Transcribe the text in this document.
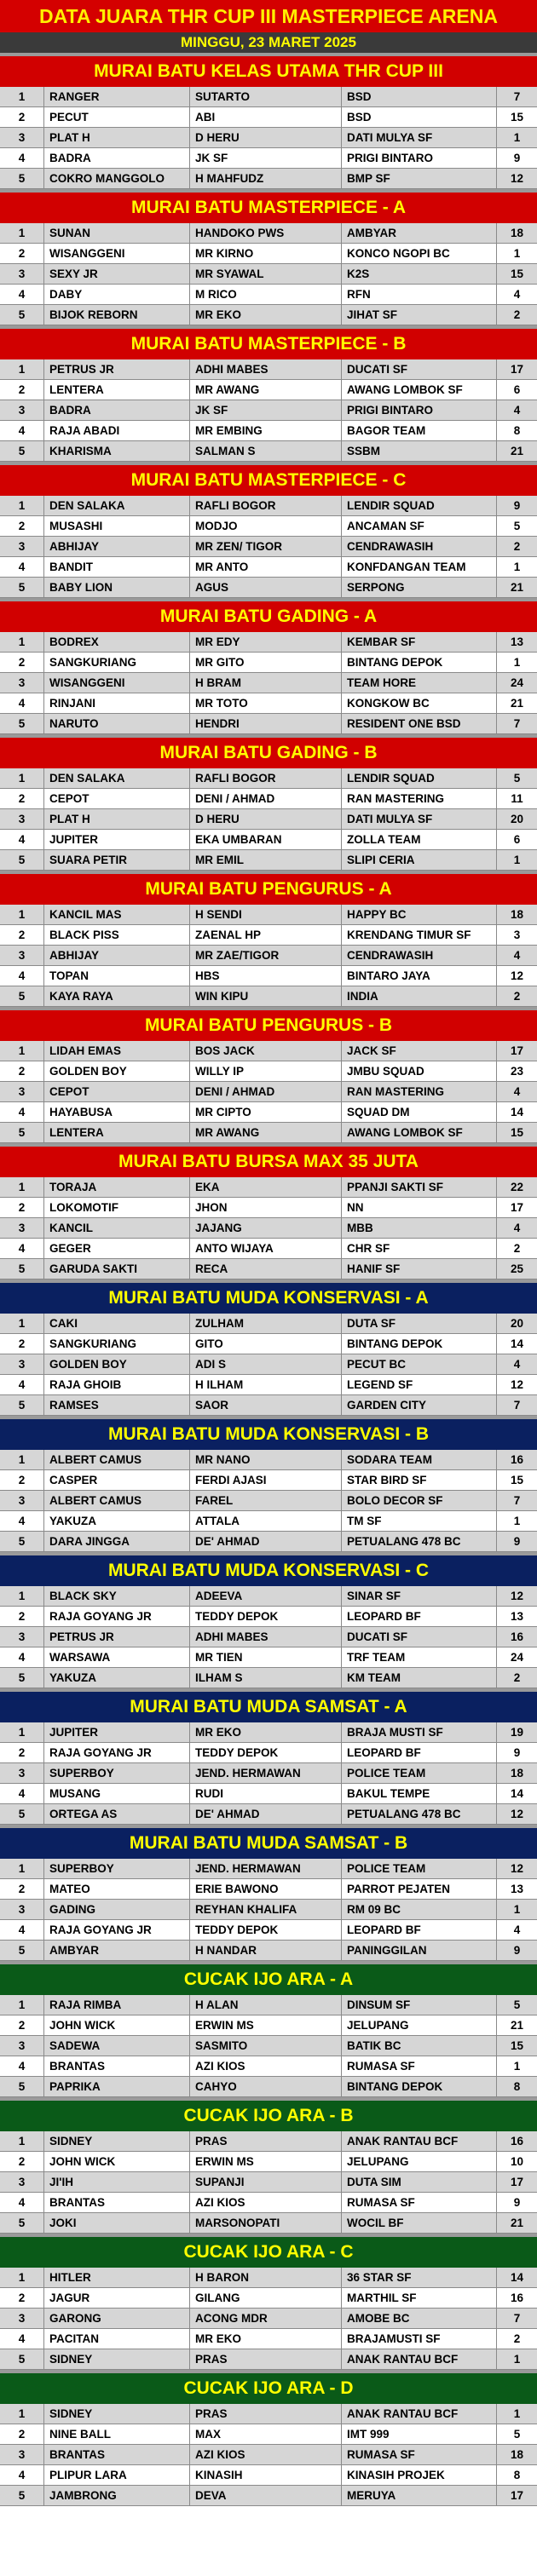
DATA JUARA THR CUP III MASTERPIECE ARENA
MINGGU, 23 MARET 2025
MURAI BATU KELAS UTAMA THR CUP III
1	RANGER	SUTARTO	BSD	7
2	PECUT	ABI	BSD	15
3	PLAT H	D HERU	DATI MULYA SF	1
4	BADRA	JK SF	PRIGI BINTARO	9
5	COKRO MANGGOLO	H MAHFUDZ	BMP SF	12
MURAI BATU MASTERPIECE - A
1	SUNAN	HANDOKO PWS	AMBYAR	18
2	WISANGGENI	MR KIRNO	KONCO NGOPI BC	1
3	SEXY JR	MR SYAWAL	K2S	15
4	DABY	M RICO	RFN	4
5	BIJOK REBORN	MR EKO	JIHAT SF	2
MURAI BATU MASTERPIECE - B
1	PETRUS JR	ADHI MABES	DUCATI SF	17
2	LENTERA	MR AWANG	AWANG LOMBOK SF	6
3	BADRA	JK SF	PRIGI BINTARO	4
4	RAJA ABADI	MR EMBING	BAGOR TEAM	8
5	KHARISMA	SALMAN S	SSBM	21
MURAI BATU MASTERPIECE - C
1	DEN SALAKA	RAFLI BOGOR	LENDIR SQUAD	9
2	MUSASHI	MODJO	ANCAMAN SF	5
3	ABHIJAY	MR ZEN/ TIGOR	CENDRAWASIH	2
4	BANDIT	MR ANTO	KONFDANGAN TEAM	1
5	BABY LION	AGUS	SERPONG	21
MURAI BATU GADING - A
1	BODREX	MR EDY	KEMBAR SF	13
2	SANGKURIANG	MR GITO	BINTANG DEPOK	1
3	WISANGGENI	H BRAM	TEAM HORE	24
4	RINJANI	MR TOTO	KONGKOW BC	21
5	NARUTO	HENDRI	RESIDENT ONE BSD	7
MURAI BATU GADING - B
1	DEN SALAKA	RAFLI BOGOR	LENDIR SQUAD	5
2	CEPOT	DENI / AHMAD	RAN MASTERING	11
3	PLAT H	D HERU	DATI MULYA SF	20
4	JUPITER	EKA UMBARAN	ZOLLA TEAM	6
5	SUARA PETIR	MR EMIL	SLIPI CERIA	1
MURAI BATU PENGURUS - A
1	KANCIL MAS	H SENDI	HAPPY BC	18
2	BLACK PISS	ZAENAL HP	KRENDANG TIMUR SF	3
3	ABHIJAY	MR ZAE/TIGOR	CENDRAWASIH	4
4	TOPAN	HBS	BINTARO JAYA	12
5	KAYA RAYA	WIN KIPU	INDIA	2
MURAI BATU PENGURUS - B
1	LIDAH EMAS	BOS JACK	JACK SF	17
2	GOLDEN BOY	WILLY IP	JMBU SQUAD	23
3	CEPOT	DENI / AHMAD	RAN MASTERING	4
4	HAYABUSA	MR CIPTO	SQUAD DM	14
5	LENTERA	MR AWANG	AWANG LOMBOK SF	15
MURAI BATU BURSA MAX 35 JUTA
1	TORAJA	EKA	PPANJI SAKTI SF	22
2	LOKOMOTIF	JHON	NN	17
3	KANCIL	JAJANG	MBB	4
4	GEGER	ANTO WIJAYA	CHR SF	2
5	GARUDA SAKTI	RECA	HANIF SF	25
MURAI BATU MUDA KONSERVASI - A
1	CAKI	ZULHAM	DUTA SF	20
2	SANGKURIANG	GITO	BINTANG DEPOK	14
3	GOLDEN BOY	ADI S	PECUT BC	4
4	RAJA GHOIB	H ILHAM	LEGEND SF	12
5	RAMSES	SAOR	GARDEN CITY	7
MURAI BATU MUDA KONSERVASI - B
1	ALBERT CAMUS	MR NANO	SODARA TEAM	16
2	CASPER	FERDI AJASI	STAR BIRD SF	15
3	ALBERT CAMUS	FAREL	BOLO DECOR SF	7
4	YAKUZA	ATTALA	TM SF	1
5	DARA JINGGA	DE' AHMAD	PETUALANG 478 BC	9
MURAI BATU MUDA KONSERVASI - C
1	BLACK SKY	ADEEVA	SINAR SF	12
2	RAJA GOYANG JR	TEDDY DEPOK	LEOPARD BF	13
3	PETRUS JR	ADHI MABES	DUCATI SF	16
4	WARSAWA	MR TIEN	TRF TEAM	24
5	YAKUZA	ILHAM S	KM TEAM	2
MURAI BATU MUDA SAMSAT - A
1	JUPITER	MR EKO	BRAJA MUSTI SF	19
2	RAJA GOYANG JR	TEDDY DEPOK	LEOPARD BF	9
3	SUPERBOY	JEND. HERMAWAN	POLICE TEAM	18
4	MUSANG	RUDI	BAKUL TEMPE	14
5	ORTEGA AS	DE' AHMAD	PETUALANG 478 BC	12
MURAI BATU MUDA SAMSAT - B
1	SUPERBOY	JEND. HERMAWAN	POLICE TEAM	12
2	MATEO	ERIE BAWONO	PARROT PEJATEN	13
3	GADING	REYHAN KHALIFA	RM 09 BC	1
4	RAJA GOYANG JR	TEDDY DEPOK	LEOPARD BF	4
5	AMBYAR	H NANDAR	PANINGGILAN	9
CUCAK IJO ARA - A
1	RAJA RIMBA	H ALAN	DINSUM SF	5
2	JOHN WICK	ERWIN MS	JELUPANG	21
3	SADEWA	SASMITO	BATIK BC	15
4	BRANTAS	AZI KIOS	RUMASA SF	1
5	PAPRIKA	CAHYO	BINTANG DEPOK	8
CUCAK IJO ARA - B
1	SIDNEY	PRAS	ANAK RANTAU BCF	16
2	JOHN WICK	ERWIN MS	JELUPANG	10
3	JI'IH	SUPANJI	DUTA SIM	17
4	BRANTAS	AZI KIOS	RUMASA SF	9
5	JOKI	MARSONOPATI	WOCIL BF	21
CUCAK IJO ARA - C
1	HITLER	H BARON	36 STAR SF	14
2	JAGUR	GILANG	MARTHIL SF	16
3	GARONG	ACONG MDR	AMOBE BC	7
4	PACITAN	MR EKO	BRAJAMUSTI SF	2
5	SIDNEY	PRAS	ANAK RANTAU BCF	1
CUCAK IJO ARA - D
1	SIDNEY	PRAS	ANAK RANTAU BCF	1
2	NINE BALL	MAX	IMT 999	5
3	BRANTAS	AZI KIOS	RUMASA SF	18
4	PLIPUR LARA	KINASIH	KINASIH PROJEK	8
5	JAMBRONG	DEVA	MERUYA	17
